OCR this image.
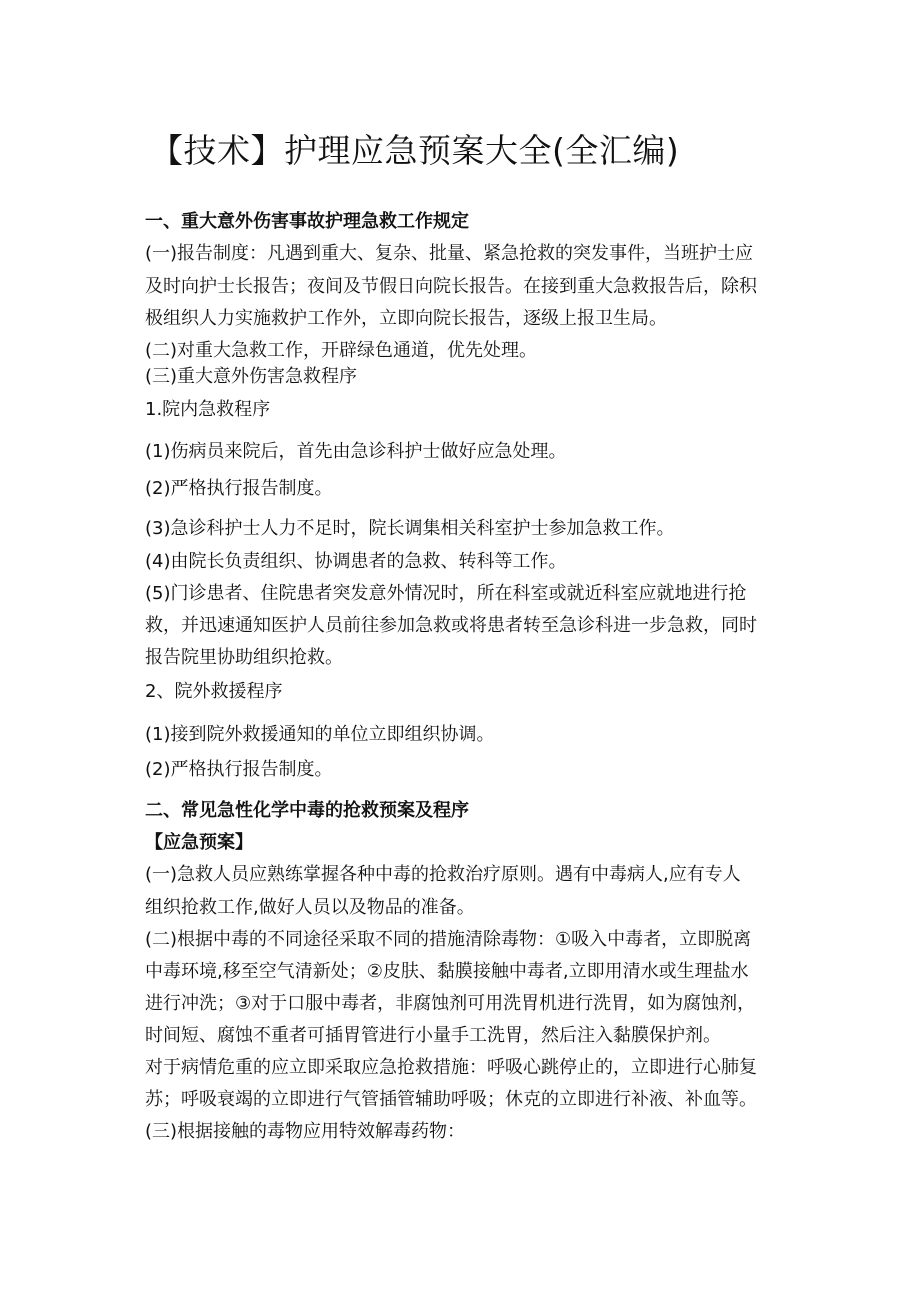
【技术】护理应急预案大全(全汇编)

一、重大意外伤害事故护理急救工作规定

(一)报告制度：凡遇到重大、复杂、批量、紧急抢救的突发事件，当班护士应

及时向护士长报告；夜间及节假日向院长报告。在接到重大急救报告后，除积

极组织人力实施救护工作外，立即向院长报告，逐级上报卫生局。

(二)对重大急救工作，开辟绿色通道，优先处理。

(三)重大意外伤害急救程序

1.院内急救程序

(1)伤病员来院后，首先由急诊科护士做好应急处理。

(2)严格执行报告制度。

(3)急诊科护士人力不足时，院长调集相关科室护士参加急救工作。

(4)由院长负责组织、协调患者的急救、转科等工作。

(5)门诊患者、住院患者突发意外情况时，所在科室或就近科室应就地进行抢

救，并迅速通知医护人员前往参加急救或将患者转至急诊科进一步急救，同时

报告院里协助组织抢救。

2、院外救援程序

(1)接到院外救援通知的单位立即组织协调。

(2)严格执行报告制度。

二、常见急性化学中毒的抢救预案及程序

【应急预案】

(一)急救人员应熟练掌握各种中毒的抢救治疗原则。遇有中毒病人,应有专人

组织抢救工作,做好人员以及物品的准备。

(二)根据中毒的不同途径采取不同的措施清除毒物：①吸入中毒者，立即脱离

中毒环境,移至空气清新处；②皮肤、黏膜接触中毒者,立即用清水或生理盐水

进行冲洗；③对于口服中毒者，非腐蚀剂可用洗胃机进行洗胃，如为腐蚀剂，

时间短、腐蚀不重者可插胃管进行小量手工洗胃，然后注入黏膜保护剂。

对于病情危重的应立即采取应急抢救措施：呼吸心跳停止的，立即进行心肺复

苏；呼吸衰竭的立即进行气管插管辅助呼吸；休克的立即进行补液、补血等。

(三)根据接触的毒物应用特效解毒药物：
